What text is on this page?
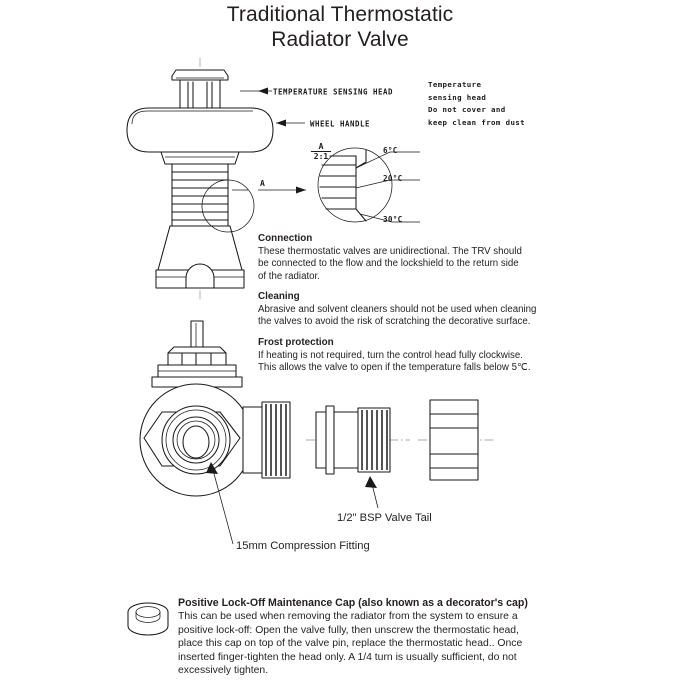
Traditional Thermostatic
Radiator Valve
TEMPERATURE SENSING HEAD
WHEEL HANDLE
A
A
2:1
6°C
20°C
30°C
Temperature
sensing head
Do not cover and
keep clean from dust
Connection

These thermostatic valves are unidirectional. The TRV should

be connected to the flow and the lockshield to the return side

of the radiator.

Cleaning

Abrasive and solvent cleaners should not be used when cleaning

the valves to avoid the risk of scratching the decorative surface.

Frost protection

If heating is not required, turn the control head fully clockwise.

This allows the valve to open if the temperature falls below 5℃.

1/2" BSP Valve Tail
15mm Compression Fitting
Positive Lock-Off Maintenance Cap (also known as a decorator's cap)

This can be used when removing the radiator from the system to ensure a

positive lock-off: Open the valve fully, then unscrew the thermostatic head,

place this cap on top of the valve pin, replace the thermostatic head.. Once

inserted finger-tighten the head only. A 1/4 turn is usually sufficient, do not

excessively tighten.
